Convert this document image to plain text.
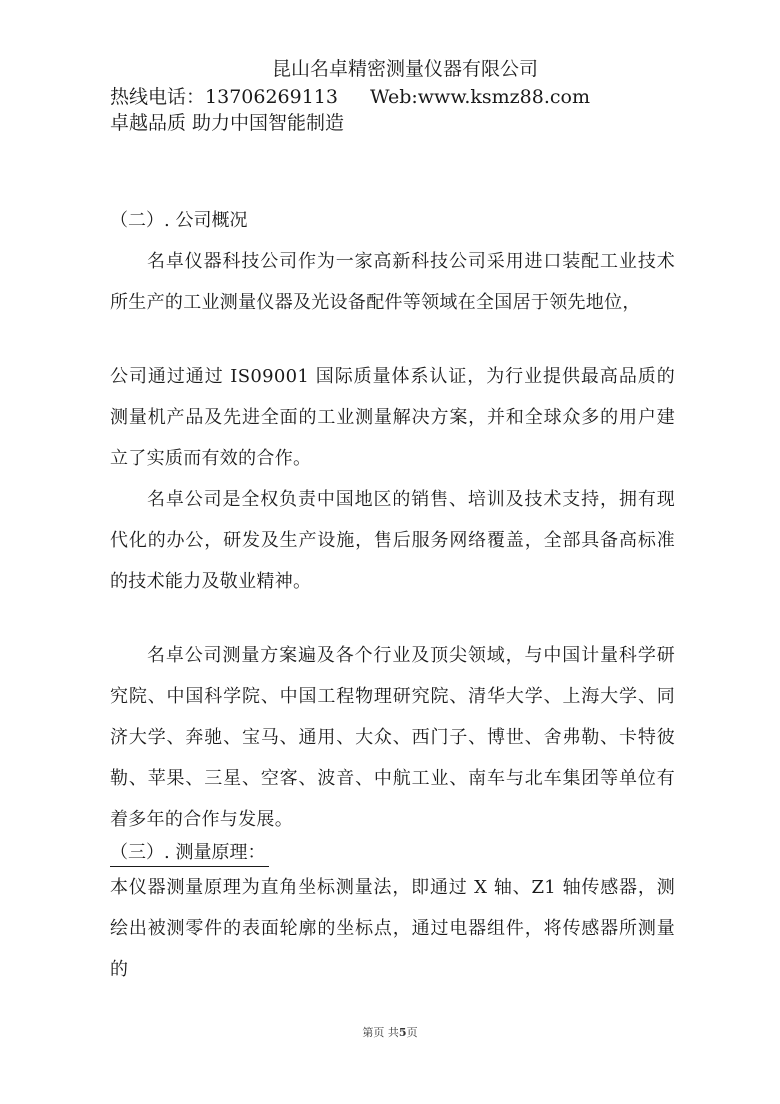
昆山名卓精密测量仪器有限公司
热线电话：13706269113 Web:www.ksmz88.com
卓越品质 助力中国智能制造

（二）. 公司概况

名卓仪器科技公司作为一家高新科技公司采用进口装配工业技术所生产的工业测量仪器及光设备配件等领域在全国居于领先地位，

公司通过通过 IS09001 国际质量体系认证，为行业提供最高品质的测量机产品及先进全面的工业测量解决方案，并和全球众多的用户建立了实质而有效的合作。

名卓公司是全权负责中国地区的销售、培训及技术支持，拥有现代化的办公，研发及生产设施，售后服务网络覆盖，全部具备高标准的技术能力及敬业精神。

名卓公司测量方案遍及各个行业及顶尖领域，与中国计量科学研究院、中国科学院、中国工程物理研究院、清华大学、上海大学、同济大学、奔驰、宝马、通用、大众、西门子、博世、舍弗勒、卡特彼勒、苹果、三星、空客、波音、中航工业、南车与北车集团等单位有着多年的合作与发展。

（三）. 测量原理：

本仪器测量原理为直角坐标测量法，即通过 X 轴、Z1 轴传感器，测绘出被测零件的表面轮廓的坐标点，通过电器组件，将传感器所测量的

第页 共5页
